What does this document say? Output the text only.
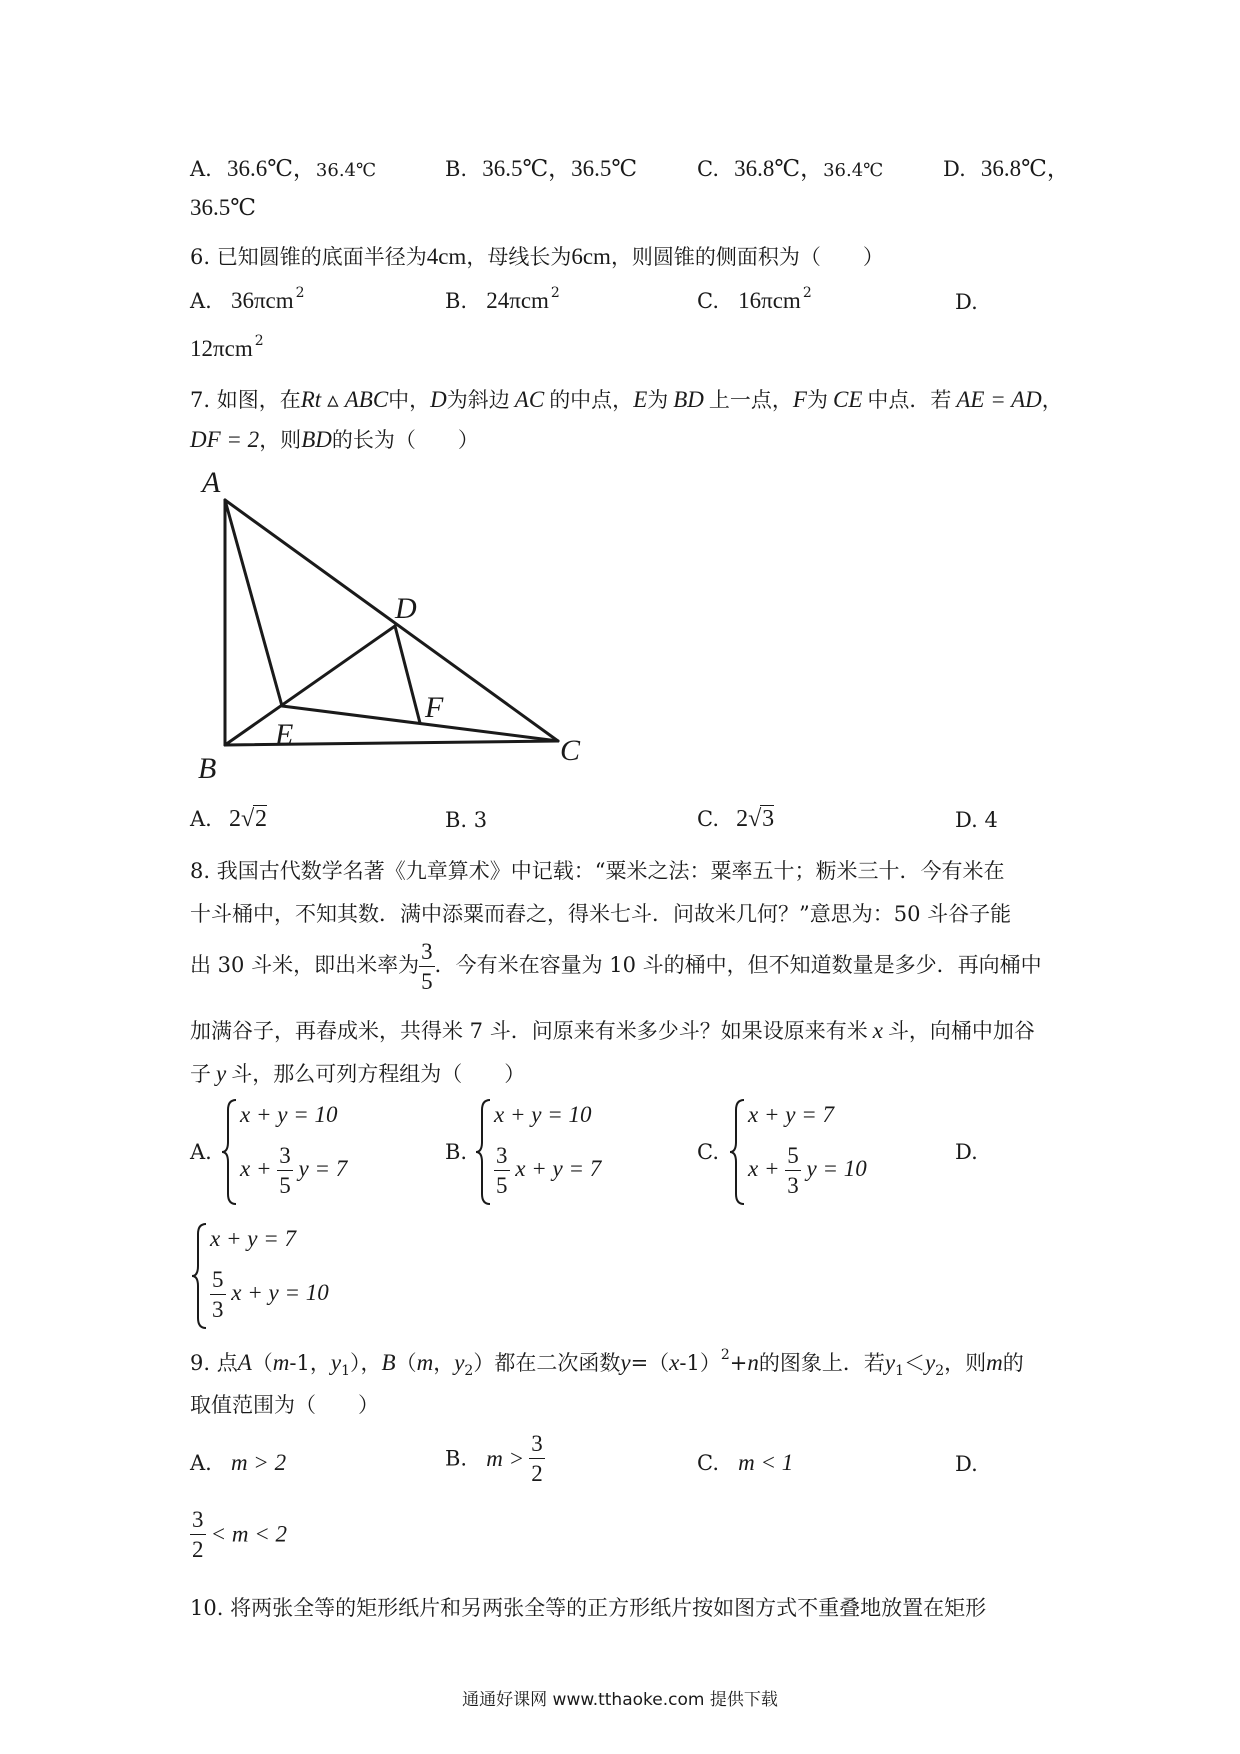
A. 36.6℃，36.4℃	B. 36.5℃，36.5℃	C. 36.8℃，36.4℃	D. 36.8℃，
36.5℃
6. 已知圆锥的底面半径为4cm，母线长为6cm，则圆锥的侧面积为（　　）
A. 36πcm 2	B. 24πcm 2	C. 16πcm 2	D.
12πcm 2
7. 如图，在Rt ▵ ABC中，D为斜边 AC 的中点，E为 BD 上一点，F为 CE 中点．若 AE = AD，
DF = 2，则BD的长为（　　）
A
B
C
D
E
F
A. 2 √ 2	B. 3	C. 2 √ 3	D. 4
8. 我国古代数学名著《九章算术》中记载：“粟米之法：粟率五十；粝米三十．今有米在
十斗桶中，不知其数．满中添粟而舂之，得米七斗．问故米几何？”意思为：50 斗谷子能
出 30 斗米，即出米率为 $\frac{3}{5}$ ．今有米在容量为 10 斗的桶中，但不知道数量是多少．再向桶中
加满谷子，再舂成米，共得米 7 斗．问原来有米多少斗？如果设原来有米 x 斗，向桶中加谷
子 y 斗，那么可列方程组为（　　）
A.
x + y = 10
$x + \frac{3}{5}$ y = 7
B.
x + y = 10
$\frac{3}{5}$ x + y = 7
C.
x + y = 7
$x + \frac{5}{3}$ y = 10
D.
x + y = 7
$\frac{5}{3}$ x + y = 10
9. 点A（m-1，$y_1$），B（m，$y_2$）都在二次函数$y=(x-1)^2+n$的图象上．若$y_1<y_2$，则m的
取值范围为（　　）
A. m > 2	B. $m > \frac{3}{2}$	C. m < 1	D.
$\frac{3}{2} < m < 2$
10. 将两张全等的矩形纸片和另两张全等的正方形纸片按如图方式不重叠地放置在矩形
通通好课网 www.tthaoke.com 提供下载
